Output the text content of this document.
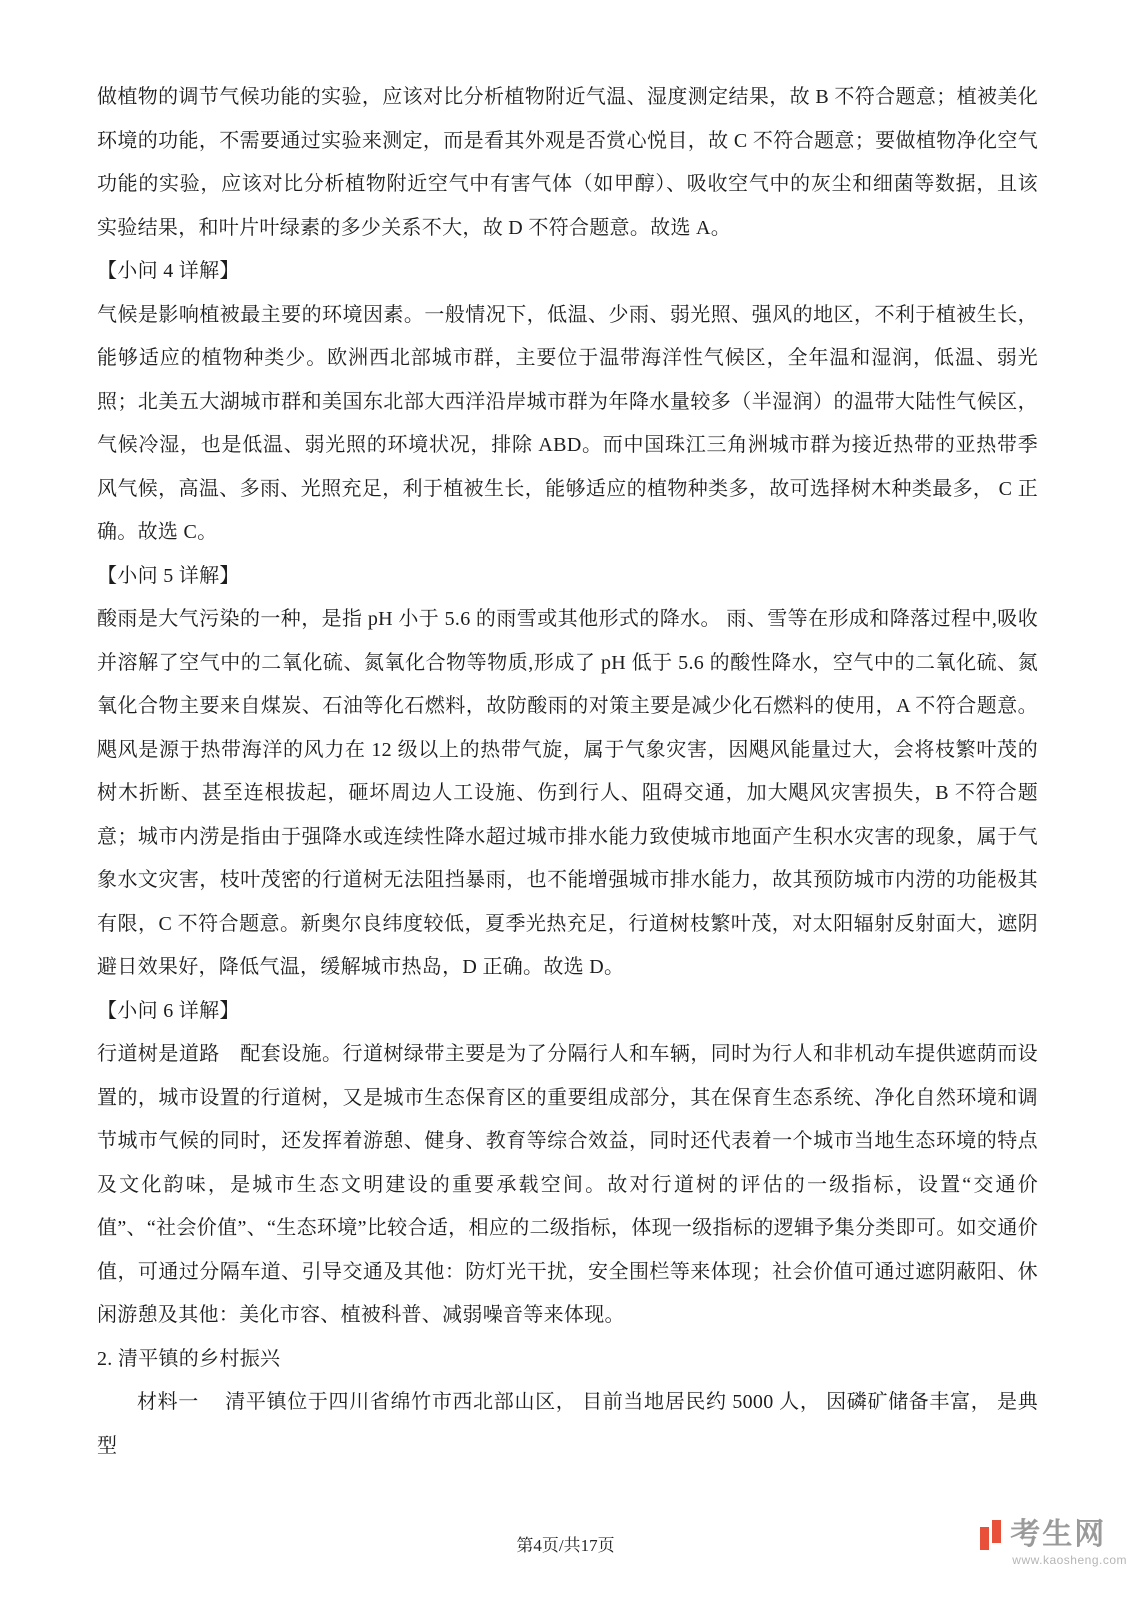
做植物的调节气候功能的实验，应该对比分析植物附近气温、湿度测定结果，故 B 不符合题意；植被美化环境的功能，不需要通过实验来测定，而是看其外观是否赏心悦目，故 C 不符合题意；要做植物净化空气功能的实验，应该对比分析植物附近空气中有害气体（如甲醇）、吸收空气中的灰尘和细菌等数据，且该实验结果，和叶片叶绿素的多少关系不大，故 D 不符合题意。故选 A。

【小问 4 详解】

气候是影响植被最主要的环境因素。一般情况下，低温、少雨、弱光照、强风的地区，不利于植被生长，能够适应的植物种类少。欧洲西北部城市群，主要位于温带海洋性气候区，全年温和湿润，低温、弱光照；北美五大湖城市群和美国东北部大西洋沿岸城市群为年降水量较多（半湿润）的温带大陆性气候区，气候冷湿，也是低温、弱光照的环境状况，排除 ABD。而中国珠江三角洲城市群为接近热带的亚热带季风气候，高温、多雨、光照充足，利于植被生长，能够适应的植物种类多，故可选择树木种类最多， C 正确。故选 C。

【小问 5 详解】

酸雨是大气污染的一种，是指 pH 小于 5.6 的雨雪或其他形式的降水。 雨、雪等在形成和降落过程中,吸收并溶解了空气中的二氧化硫、氮氧化合物等物质,形成了 pH 低于 5.6 的酸性降水，空气中的二氧化硫、氮氧化合物主要来自煤炭、石油等化石燃料，故防酸雨的对策主要是减少化石燃料的使用，A 不符合题意。飓风是源于热带海洋的风力在 12 级以上的热带气旋，属于气象灾害，因飓风能量过大，会将枝繁叶茂的树木折断、甚至连根拔起，砸坏周边人工设施、伤到行人、阻碍交通，加大飓风灾害损失，B 不符合题意；城市内涝是指由于强降水或连续性降水超过城市排水能力致使城市地面产生积水灾害的现象，属于气象水文灾害，枝叶茂密的行道树无法阻挡暴雨，也不能增强城市排水能力，故其预防城市内涝的功能极其有限，C 不符合题意。新奥尔良纬度较低，夏季光热充足，行道树枝繁叶茂，对太阳辐射反射面大，遮阴避日效果好，降低气温，缓解城市热岛，D 正确。故选 D。

【小问 6 详解】

行道树是道路　配套设施。行道树绿带主要是为了分隔行人和车辆，同时为行人和非机动车提供遮荫而设置的，城市设置的行道树，又是城市生态保育区的重要组成部分，其在保育生态系统、净化自然环境和调节城市气候的同时，还发挥着游憩、健身、教育等综合效益，同时还代表着一个城市当地生态环境的特点及文化韵味，是城市生态文明建设的重要承载空间。故对行道树的评估的一级指标，设置“交通价值”、“社会价值”、“生态环境”比较合适，相应的二级指标，体现一级指标的逻辑予集分类即可。如交通价值，可通过分隔车道、引导交通及其他：防灯光干扰，安全围栏等来体现；社会价值可通过遮阴蔽阳、休闲游憩及其他：美化市容、植被科普、减弱噪音等来体现。

2. 清平镇的乡村振兴

材料一　 清平镇位于四川省绵竹市西北部山区， 目前当地居民约 5000 人， 因磷矿储备丰富， 是典型

第4页/共17页	考生网
www.kaosheng.com
